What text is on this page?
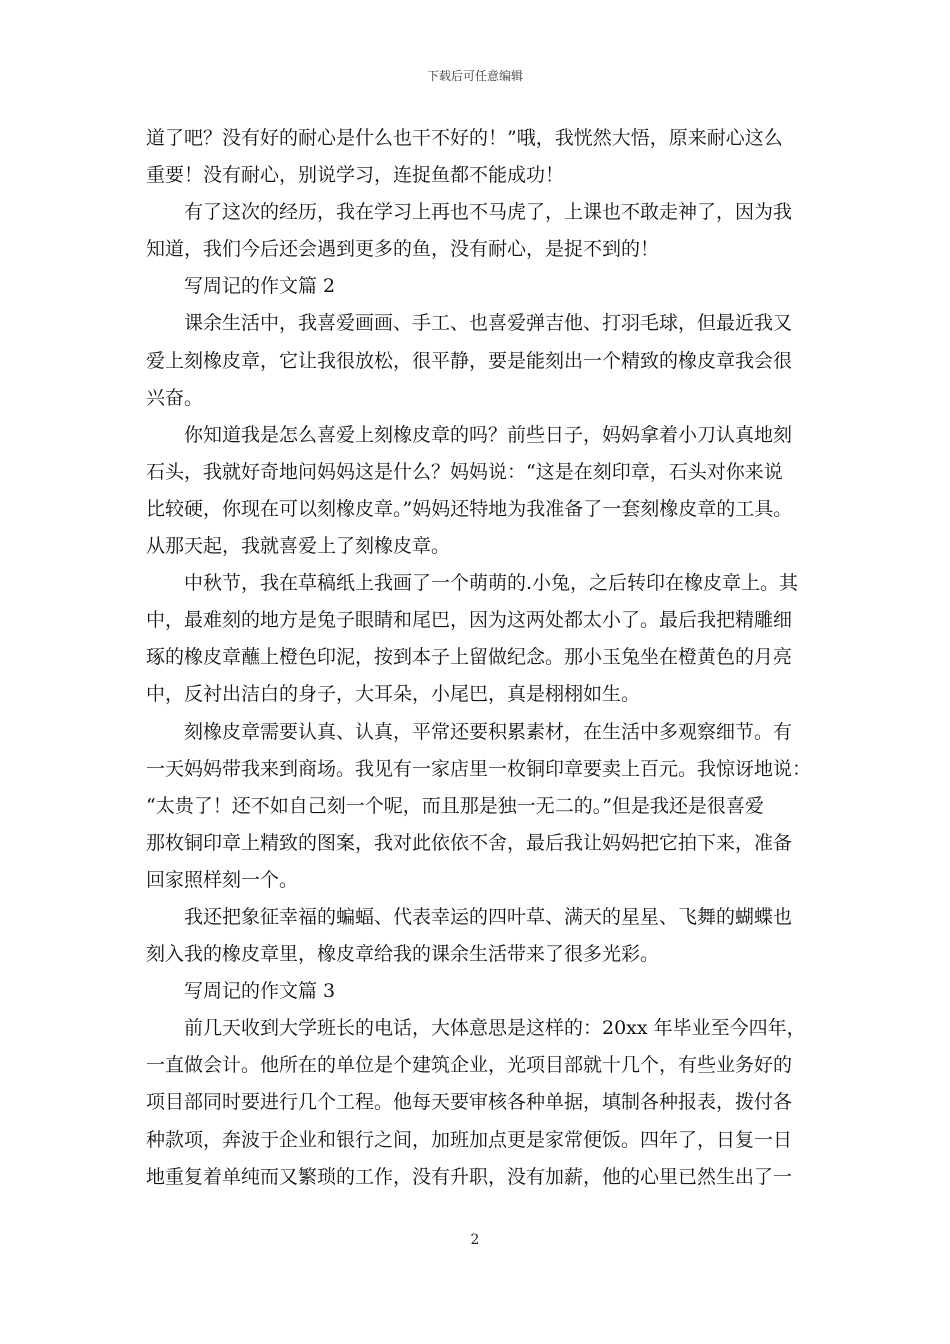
下载后可任意编辑
道了吧？没有好的耐心是什么也干不好的！”哦，我恍然大悟，原来耐心这么
重要！没有耐心，别说学习，连捉鱼都不能成功！
有了这次的经历，我在学习上再也不马虎了，上课也不敢走神了，因为我
知道，我们今后还会遇到更多的鱼，没有耐心，是捉不到的！
写周记的作文篇 2
课余生活中，我喜爱画画、手工、也喜爱弹吉他、打羽毛球，但最近我又
爱上刻橡皮章，它让我很放松，很平静，要是能刻出一个精致的橡皮章我会很
兴奋。
你知道我是怎么喜爱上刻橡皮章的吗？前些日子，妈妈拿着小刀认真地刻
石头，我就好奇地问妈妈这是什么？妈妈说：“这是在刻印章，石头对你来说
比较硬，你现在可以刻橡皮章。”妈妈还特地为我准备了一套刻橡皮章的工具。
从那天起，我就喜爱上了刻橡皮章。
中秋节，我在草稿纸上我画了一个萌萌的.小兔，之后转印在橡皮章上。其
中，最难刻的地方是兔子眼睛和尾巴，因为这两处都太小了。最后我把精雕细
琢的橡皮章蘸上橙色印泥，按到本子上留做纪念。那小玉兔坐在橙黄色的月亮
中，反衬出洁白的身子，大耳朵，小尾巴，真是栩栩如生。
刻橡皮章需要认真、认真，平常还要积累素材，在生活中多观察细节。有
一天妈妈带我来到商场。我见有一家店里一枚铜印章要卖上百元。我惊讶地说：
“太贵了！还不如自己刻一个呢，而且那是独一无二的。”但是我还是很喜爱
那枚铜印章上精致的图案，我对此依依不舍，最后我让妈妈把它拍下来，准备
回家照样刻一个。
我还把象征幸福的蝙蝠、代表幸运的四叶草、满天的星星、飞舞的蝴蝶也
刻入我的橡皮章里，橡皮章给我的课余生活带来了很多光彩。
写周记的作文篇 3
前几天收到大学班长的电话，大体意思是这样的：20xx 年毕业至今四年，
一直做会计。他所在的单位是个建筑企业，光项目部就十几个，有些业务好的
项目部同时要进行几个工程。他每天要审核各种单据，填制各种报表，拨付各
种款项，奔波于企业和银行之间，加班加点更是家常便饭。四年了，日复一日
地重复着单纯而又繁琐的工作，没有升职，没有加薪，他的心里已然生出了一
2
